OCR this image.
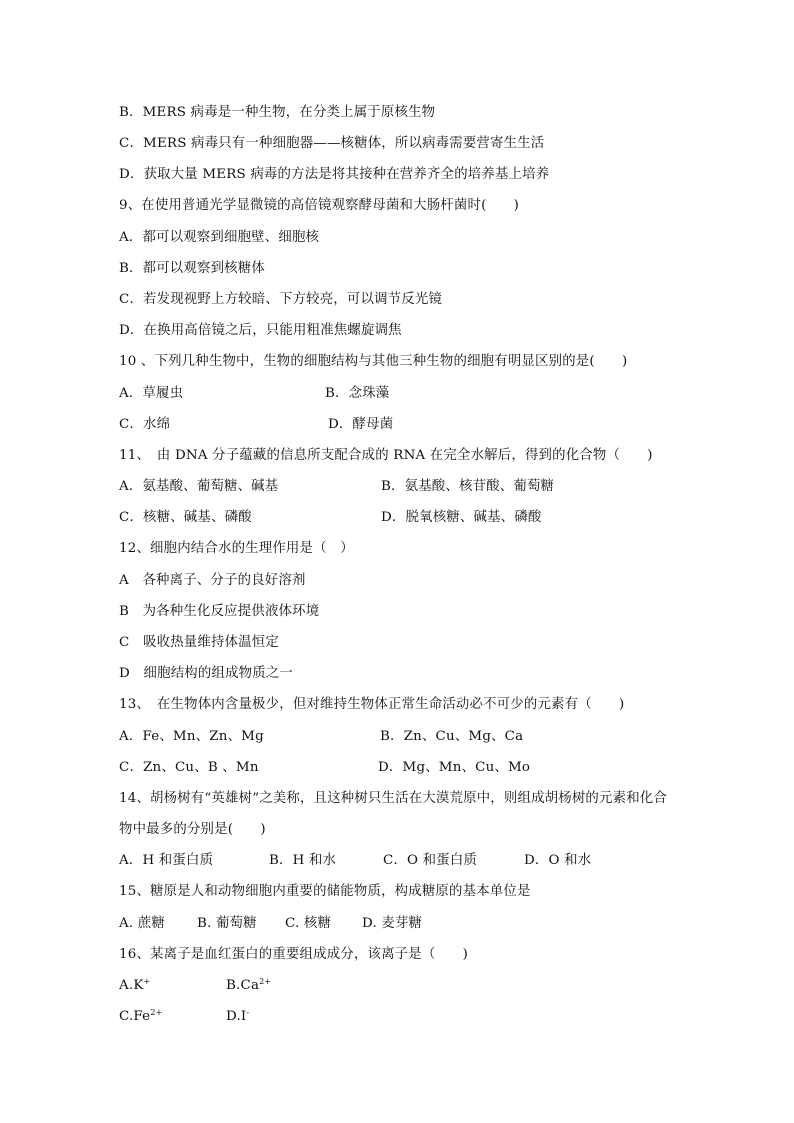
B．MERS 病毒是一种生物，在分类上属于原核生物
C．MERS 病毒只有一种细胞器——核糖体，所以病毒需要营寄生生活
D．获取大量 MERS 病毒的方法是将其接种在营养齐全的培养基上培养
9、在使用普通光学显微镜的高倍镜观察酵母菌和大肠杆菌时(　　)
A．都可以观察到细胞壁、细胞核
B．都可以观察到核糖体
C．若发现视野上方较暗、下方较亮，可以调节反光镜
D．在换用高倍镜之后，只能用粗准焦螺旋调焦
10 、下列几种生物中，生物的细胞结构与其他三种生物的细胞有明显区别的是(　　)
A．草履虫	B．念珠藻
C．水绵	D．酵母菌
11、　由 DNA 分子蕴藏的信息所支配合成的 RNA 在完全水解后，得到的化合物（　　)
A．氨基酸、葡萄糖、碱基	B．氨基酸、核苷酸、葡萄糖
C．核糖、碱基、磷酸	D．脱氧核糖、碱基、磷酸
12、细胞内结合水的生理作用是（　）
A　各种离子、分子的良好溶剂
B　为各种生化反应提供液体环境
C　吸收热量维持体温恒定
D　细胞结构的组成物质之一
13、　在生物体内含量极少，但对维持生物体正常生命活动必不可少的元素有（　　)
A．Fe、Mn、Zn、Mg	B．Zn、Cu、Mg、Ca
C．Zn、Cu、B 、Mn	D．Mg、Mn、Cu、Mo
14、胡杨树有“英雄树”之美称，且这种树只生活在大漠荒原中，则组成胡杨树的元素和化合
物中最多的分别是(　　)
A．H 和蛋白质	B．H 和水	C．O 和蛋白质	D．O 和水
15、糖原是人和动物细胞内重要的储能物质，构成糖原的基本单位是
A. 蔗糖 B. 葡萄糖 C. 核糖 D. 麦芽糖
16、某离子是血红蛋白的重要组成成分，该离子是（　　)
A.K+	$B.Ca^{2+}$
$C.Fe^{2+}$	D.I-
